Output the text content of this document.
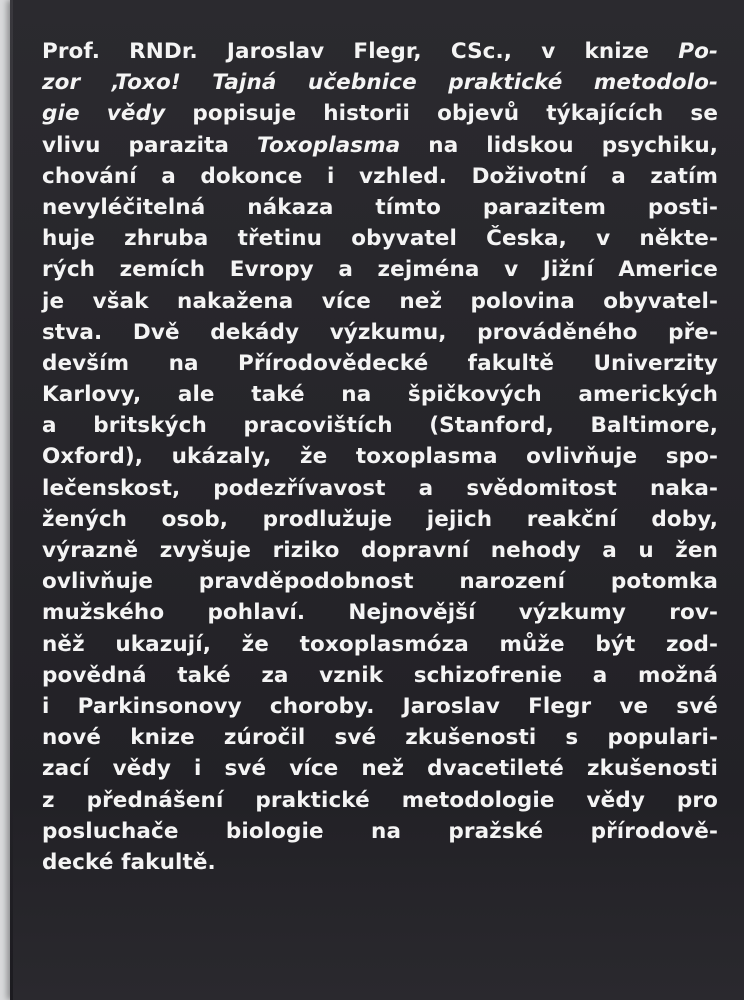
Prof. RNDr. Jaroslav Flegr, CSc., v knize Po-
zor ‚Toxo! Tajná učebnice praktické metodolo-
gie vědy popisuje historii objevů týkajících se
vlivu parazita Toxoplasma na lidskou psychiku,
chování a dokonce i vzhled. Doživotní a zatím
nevyléčitelná nákaza tímto parazitem posti-
huje zhruba třetinu obyvatel Česka, v někte-
rých zemích Evropy a zejména v Jižní Americe
je však nakažena více než polovina obyvatel-
stva. Dvě dekády výzkumu, prováděného pře-
devším na Přírodovědecké fakultě Univerzity
Karlovy, ale také na špičkových amerických
a britských pracovištích (Stanford, Baltimore,
Oxford), ukázaly, že toxoplasma ovlivňuje spo-
lečenskost, podezřívavost a svědomitost naka-
žených osob, prodlužuje jejich reakční doby,
výrazně zvyšuje riziko dopravní nehody a u žen
ovlivňuje pravděpodobnost narození potomka
mužského pohlaví. Nejnovější výzkumy rov-
něž ukazují, že toxoplasmóza může být zod-
povědná také za vznik schizofrenie a možná
i Parkinsonovy choroby. Jaroslav Flegr ve své
nové knize zúročil své zkušenosti s populari-
zací vědy i své více než dvacetileté zkušenosti
z přednášení praktické metodologie vědy pro
posluchače biologie na pražské přírodově-
decké fakultě.
